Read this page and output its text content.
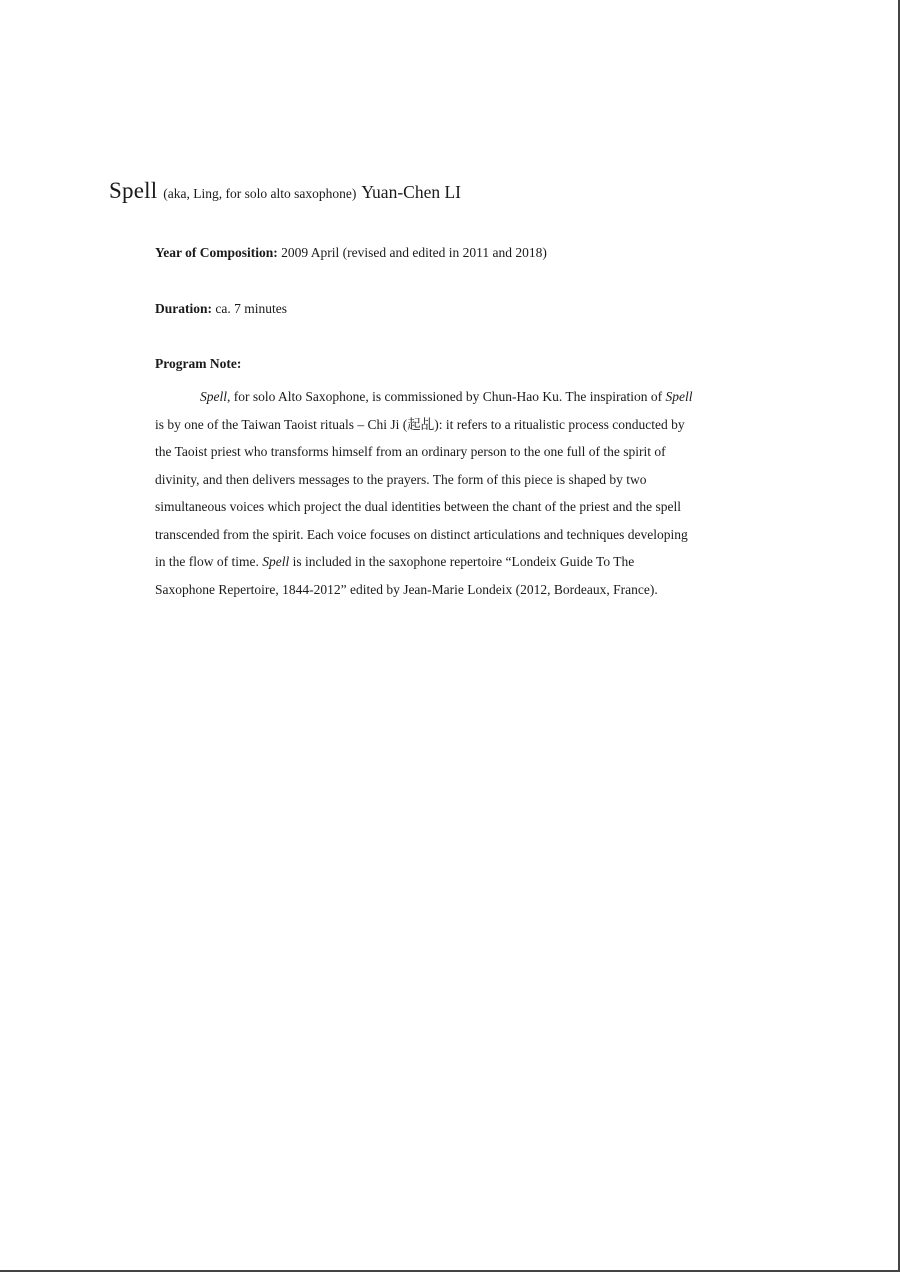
Spell (aka, Ling, for solo alto saxophone) Yuan-Chen LI
Year of Composition: 2009 April (revised and edited in 2011 and 2018)
Duration: ca. 7 minutes
Program Note:
Spell, for solo Alto Saxophone, is commissioned by Chun-Hao Ku. The inspiration of Spell
is by one of the Taiwan Taoist rituals – Chi Ji (起乩): it refers to a ritualistic process conducted by
the Taoist priest who transforms himself from an ordinary person to the one full of the spirit of
divinity, and then delivers messages to the prayers. The form of this piece is shaped by two
simultaneous voices which project the dual identities between the chant of the priest and the spell
transcended from the spirit. Each voice focuses on distinct articulations and techniques developing
in the flow of time. Spell is included in the saxophone repertoire “Londeix Guide To The
Saxophone Repertoire, 1844-2012” edited by Jean-Marie Londeix (2012, Bordeaux, France).
